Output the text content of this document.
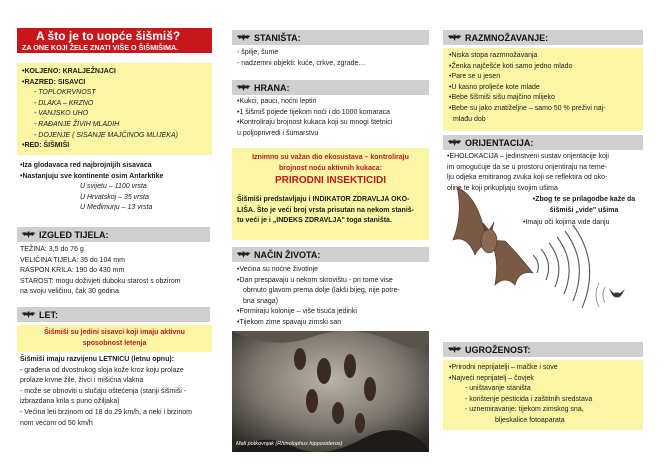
A što je to uopće šišmiš?
ZA ONE KOJI ŽELE ZNATI VIŠE O ŠIŠMIŠIMA.
•KOLJENO: KRALJEŽNJACI
•RAZRED: SISAVCI
- TOPLOKRVNOST
- DLAKA – KRZNO
- VANJSKO UHO
- RAĐANJE ŽIVIH MLADIH
- DOJENJE ( SISANJE MAJČINOG MLIJEKA)
•RED: ŠIŠMIŠI
•Iza glodavaca red najbrojnijih sisavaca
•Nastanjuju sve kontinente osim Antarktike
U svijetu – 1100 vrsta
U Hrvatskoj – 35 vrsta
U Međimurju – 13 vrsta
IZGLED TIJELA:
TEŽINA: 3,5 do 76 g
VELIČINA TIJELA: 35 do 104 mm
RASPON KRILA: 190 do 430 mm
STAROST: mogu doživjeti duboku starost s obzirom
na svoju veličinu, čak 30 godina
LET:
Šišmiši su jedini sisavci koji imaju aktivnu
sposobnost letenja
Šišmiši imaju razvijenu LETNICU (letnu opnu):
- građena od dvostrukog sloja kože kroz koju prolaze
prolaze krvne žile, živci i mišićna vlakna
- može se obnoviti u slučaju oštećenja (stariji šišmiši -
izbrazdana krila s puno ožiljaka)
- Većina leti brzinom od 18 do 29 km/h, a neki i brzinom
nom većom od 50 km/h
STANIŠTA:
- špilje, šume
- nadzemni objekti: kuće, crkve, zgrade…
HRANA:
•Kukci, pauci, noćni leptiri
•1 šišmiš pojede tijekom noći i do 1000 komaraca
•Kontroliraju brojnost kukaca koji su mnogi štetnici
u poljoprivredi i šumarstvu
Iznimno su važan dio ekosustava – kontroliraju
brojnost noću aktivnih kukaca:
PRIRODNI INSEKTICIDI
Šišmiši predstavljaju i INDIKATOR ZDRAVLJA OKO-
LIŠA. Što je veći broj vrsta prisutan na nekom staniš-
tu veći je i „INDEKS ZDRAVLJA" toga staništa.
NAČIN ŽIVOTA:
•Većina su noćne životinje
•Dan prespavaju u nekom skrovištu - pri tome vise
obrnuto glavom prema dolje (lakši bijeg, nije potre-
bna snaga)
•Formiraju kolonije – više tisuća jedinki
•Tijekom zime spavaju zimski san
Mali potkovnjak (Rhinolophus hipposideros)
RAZMNOŽAVANJE:
•Niska stopa razmnožavanja
•Ženka najčešće koti samo jedno mlado
•Pare se u jesen
•U kasno proljeće kote mlade
•Bebe šišmiši sišu majčino mlijeko
•Bebe su jako znatiželjne – samo 50 % preživi naj-
mlađu dob
ORIJENTACIJA:
•EHOLOKACIJA – jedinstveni sustav orijentacije koji
im omogućuje da se u prostoru orijentiraju na teme-
lju odjeka emitiranog zvuka koji se reflektira od oko-
oline te koji prikupljaju svojim ušima
•Zbog te se prilagodbe kaže da
šišmiši „vide" ušima
•Imaju oči kojima vide danju
UGROŽENOST:
•Prirodni neprijatelji – mačke i sove
•Najveći neprijatelj – čovjek
- uništavanje staništa
- korištenje pesticida i zaštitnih sredstava
- uznemiravanje: tijekom zimskog sna,
bljeskalice fotoaparata
